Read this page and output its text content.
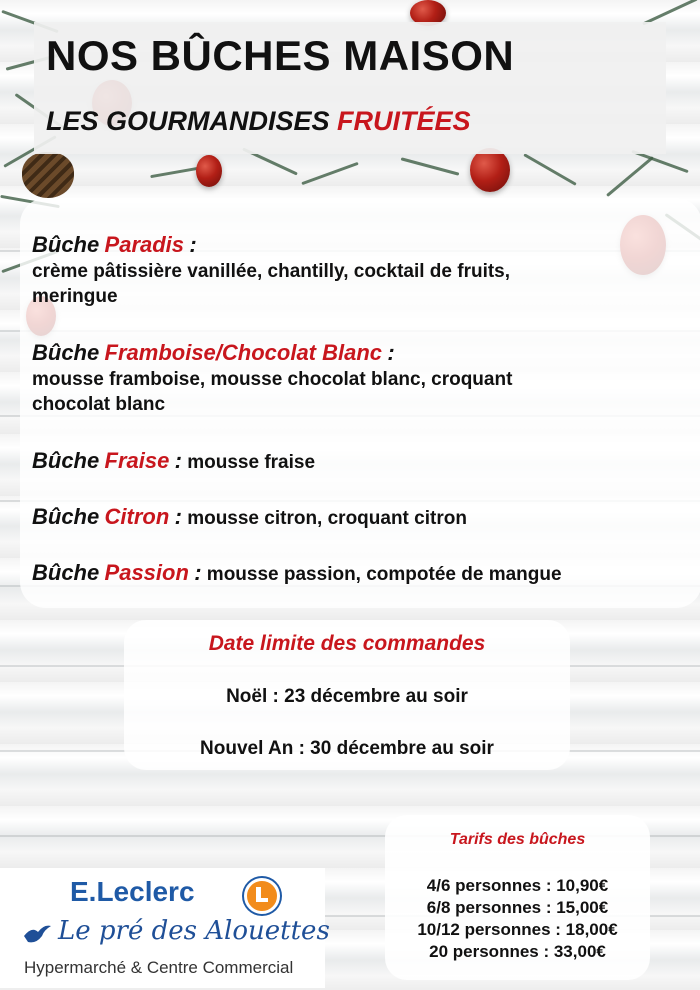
NOS BÛCHES MAISON
LES GOURMANDISES FRUITÉES
Bûche Paradis :
crème pâtissière vanillée, chantilly, cocktail de fruits,
meringue
Bûche Framboise/Chocolat Blanc :
mousse framboise, mousse chocolat blanc, croquant
chocolat blanc
Bûche Fraise : mousse fraise
Bûche Citron : mousse citron, croquant citron
Bûche Passion : mousse passion, compotée de mangue
Date limite des commandes
Noël : 23 décembre au soir
Nouvel An : 30 décembre au soir
Tarifs des bûches
4/6 personnes : 10,90€
6/8 personnes : 15,00€
10/12 personnes : 18,00€
20 personnes : 33,00€
E.Leclerc
Le pré des Alouettes
Hypermarché & Centre Commercial
